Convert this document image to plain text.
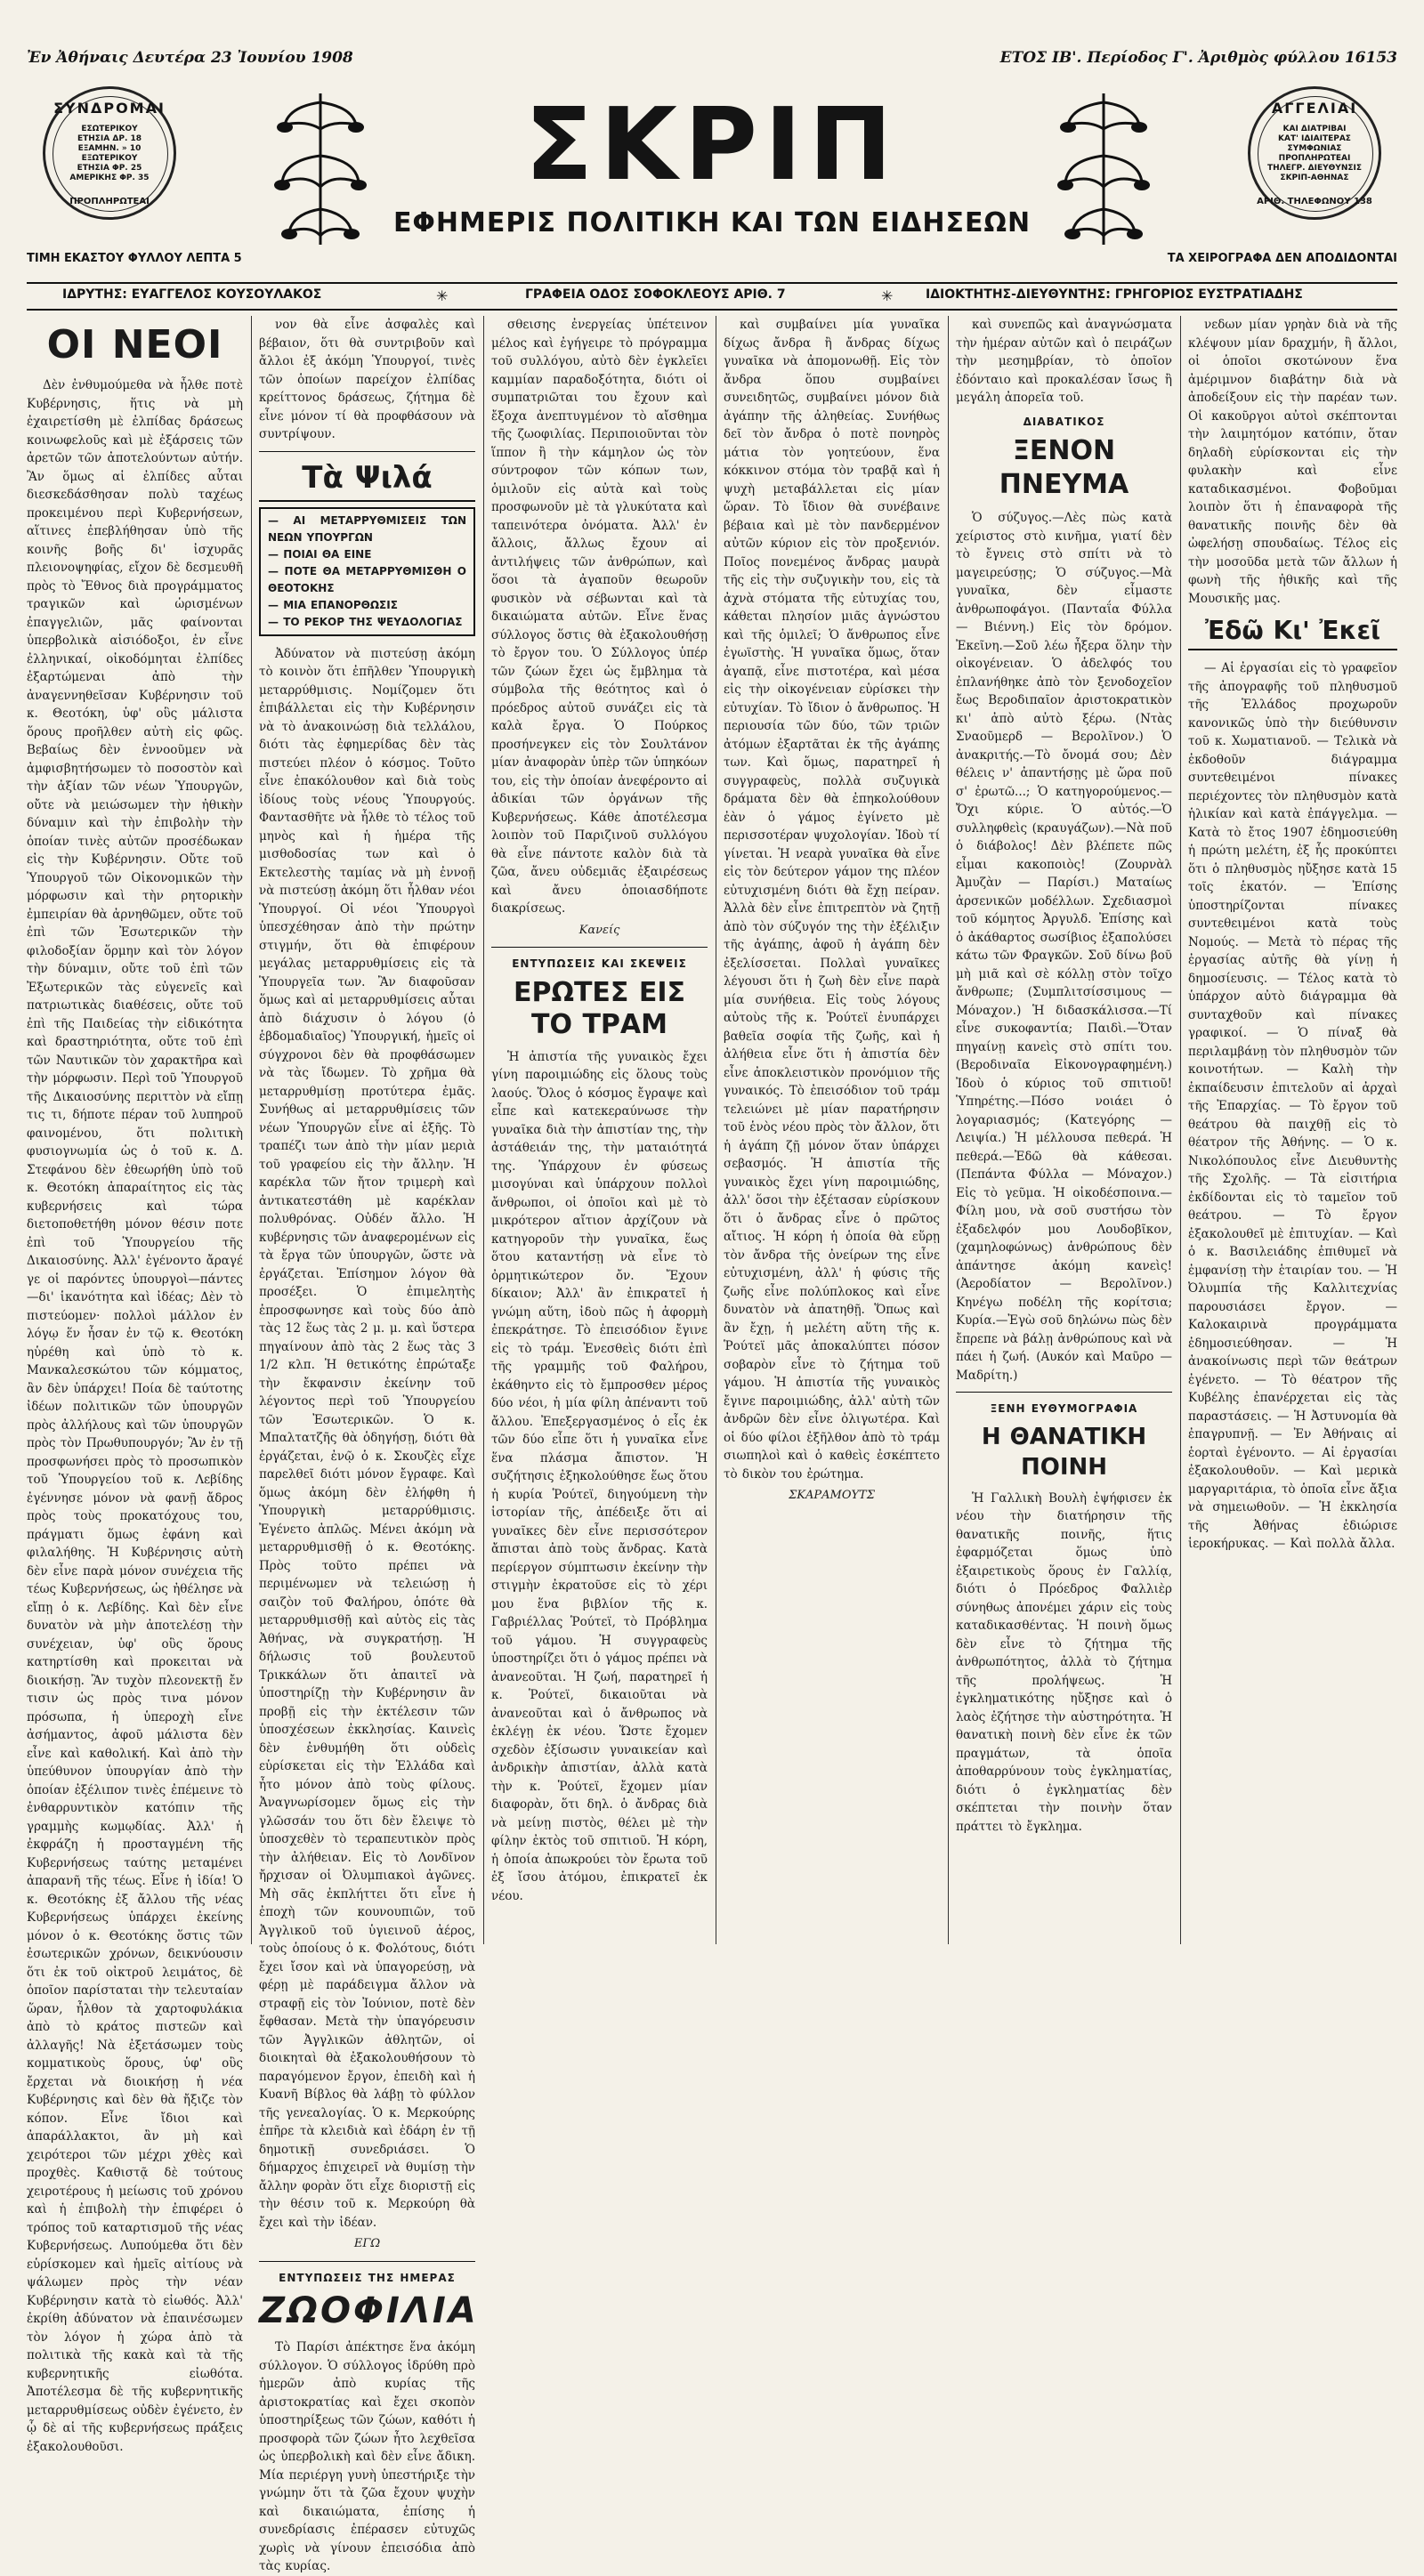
Ἐν Ἀθήναις Δευτέρα 23 Ἰουνίου 1908	ΕΤΟΣ ΙΒ'. Περίοδος Γ'. Ἀριθμὸς φύλλου 16153
ΣΥΝΔΡΟΜΑΙ
ΕΣΩΤΕΡΙΚΟΥ
ΕΤΗΣΙΑ ΔΡ. 18
ΕΞΑΜΗΝ. » 10
ΕΞΩΤΕΡΙΚΟΥ
ΕΤΗΣΙΑ ΦΡ. 25
ΑΜΕΡΙΚΗΣ ΦΡ. 35
ΠΡΟΠΛΗΡΩΤΕΑΙ	ΣΚΡΙΠ	ΑΓΓΕΛΙΑΙ
ΚΑΙ ΔΙΑΤΡΙΒΑΙ
ΚΑΤ' ΙΔΙΑΙΤΕΡΑΣ
ΣΥΜΦΩΝΙΑΣ
ΠΡΟΠΛΗΡΩΤΕΑΙ
ΤΗΛΕΓΡ. ΔΙΕΥΘΥΝΣΙΣ
ΣΚΡΙΠ-ΑΘΗΝΑΣ
ΑΡΙΘ. ΤΗΛΕΦΩΝΟΥ 138
ΕΦΗΜΕΡΙΣ ΠΟΛΙΤΙΚΗ ΚΑΙ ΤΩΝ ΕΙΔΗΣΕΩΝ
ΤΙΜΗ ΕΚΑΣΤΟΥ ΦΥΛΛΟΥ ΛΕΠΤΑ 5	ΤΑ ΧΕΙΡΟΓΡΑΦΑ ΔΕΝ ΑΠΟΔΙΔΟΝΤΑΙ
ΙΔΡΥΤΗΣ: ΕΥΑΓΓΕΛΟΣ ΚΟΥΣΟΥΛΑΚΟΣ	✳	ΓΡΑΦΕΙΑ ΟΔΟΣ ΣΟΦΟΚΛΕΟΥΣ ΑΡΙΘ. 7	✳	ΙΔΙΟΚΤΗΤΗΣ-ΔΙΕΥΘΥΝΤΗΣ: ΓΡΗΓΟΡΙΟΣ ΕΥΣΤΡΑΤΙΑΔΗΣ
ΟΙ ΝΕΟΙ

Δὲν ἐνθυμούμεθα νὰ ἦλθε ποτὲ Κυβέρνησις, ἥτις νὰ μὴ ἐχαιρετίσθη μὲ ἐλπίδας δράσεως κοινωφελοῦς καὶ μὲ ἐξάρσεις τῶν ἀρετῶν τῶν ἀποτελούντων αὐτήν. Ἂν ὅμως αἱ ἐλπίδες αὗται διεσκεδάσθησαν πολὺ ταχέως προκειμένου περὶ Κυβερνήσεων, αἵτινες ἐπεβλήθησαν ὑπὸ τῆς κοινῆς βοῆς δι' ἰσχυρᾶς πλειονοψηφίας, εἴχον δὲ δεσμευθῆ πρὸς τὸ Ἔθνος διὰ προγράμματος τραγικῶν καὶ ὡρισμένων ἐπαγγελιῶν, μᾶς φαίνονται ὑπερβολικὰ αἰσιόδοξοι, ἐν εἶνε ἐλληνικαί, οἰκοδόμηται ἐλπίδες ἐξαρτώμεναι ἀπὸ τὴν ἀναγεννηθεῖσαν Κυβέρνησιν τοῦ κ. Θεοτόκη, ὑφ' οὓς μάλιστα ὅρους προῆλθεν αὐτὴ εἰς φῶς. Βεβαίως δὲν ἐννοοῦμεν νὰ ἀμφισβητήσωμεν τὸ ποσοστὸν καὶ τὴν ἀξίαν τῶν νέων Ὑπουργῶν, οὔτε νὰ μειώσωμεν τὴν ἠθικὴν δύναμιν καὶ τὴν ἐπιβολὴν τὴν ὁποίαν τινὲς αὐτῶν προσέδωκαν εἰς τὴν Κυβέρνησιν. Οὔτε τοῦ Ὑπουργοῦ τῶν Οἰκονομικῶν τὴν μόρφωσιν καὶ τὴν ρητορικὴν ἐμπειρίαν θὰ ἀρνηθῶμεν, οὔτε τοῦ ἐπὶ τῶν Ἐσωτερικῶν τὴν φιλοδοξίαν ὅρμην καὶ τὸν λόγον τὴν δύναμιν, οὔτε τοῦ ἐπὶ τῶν Ἐξωτερικῶν τὰς εὐγενεῖς καὶ πατριωτικὰς διαθέσεις, οὔτε τοῦ ἐπὶ τῆς Παιδείας τὴν εἰδικότητα καὶ δραστηριότητα, οὔτε τοῦ ἐπὶ τῶν Ναυτικῶν τὸν χαρακτῆρα καὶ τὴν μόρφωσιν. Περὶ τοῦ Ὑπουργοῦ τῆς Δικαιοσύνης περιττὸν νὰ εἴπῃ τις τι, δήποτε πέραν τοῦ λυπηροῦ φαινομένου, ὅτι πολιτικὴ φυσιογνωμία ὡς ὁ τοῦ κ. Δ. Στεφάνου δὲν ἐθεωρήθη ὑπὸ τοῦ κ. Θεοτόκη ἀπαραίτητος εἰς τὰς κυβερνήσεις καὶ τώρα διετοποθετήθη μόνον θέσιν ποτε ἐπὶ τοῦ Ὑπουργείου τῆς Δικαιοσύνης. Ἀλλ' ἐγένοντο ἄραγέ γε οἱ παρόντες ὑπουργοὶ—πάντες—δι' ἱκανότητα καὶ ἰδέας; Δὲν τὸ πιστεύομεν· πολλοὶ μάλλον ἐν λόγῳ ἕν ἦσαν ἐν τῷ κ. Θεοτόκη ηὑρέθη καὶ ὑπὸ τὸ κ. Μανκαλεσκώτου τῶν κόμματος, ἂν δὲν ὑπάρχει! Ποία δὲ ταύτοτης ἰδέων πολιτικῶν τῶν ὑπουργῶν πρὸς ἀλλήλους καὶ τῶν ὑπουργῶν πρὸς τὸν Πρωθυπουργόν; Ἂν ἐν τῇ προσφωνήσει πρὸς τὸ προσωπικὸν τοῦ Ὑπουργείου τοῦ κ. Λεβίδης ἐγέννησε μόνον νὰ φανῇ ἄδρος πρὸς τοὺς προκατόχους του, πράγματι ὅμως ἐφάνη καὶ φιλαλήθης. Ἡ Κυβέρνησις αὐτὴ δὲν εἶνε παρὰ μόνον συνέχεια τῆς τέως Κυβερνήσεως, ὡς ἠθέλησε νὰ εἴπῃ ὁ κ. Λεβίδης. Καὶ δὲν εἶνε δυνατὸν νὰ μὴν ἀποτελέσῃ τὴν συνέχειαν, ὑφ' οὓς ὅρους κατηρτίσθη καὶ προκειται νὰ διοικήσῃ. Ἂν τυχὸν πλεονεκτῇ ἔν τισιν ὡς πρὸς τινα μόνον πρόσωπα, ἡ ὑπεροχὴ εἶνε ἀσήμαντος, ἀφοῦ μάλιστα δὲν εἶνε καὶ καθολική. Καὶ ἀπὸ τὴν ὑπεύθυνον ὑπουργίαν ἀπὸ τὴν ὁποίαν ἐξέλιπον τινὲς ἐπέμεινε τὸ ἐνθαρρυντικὸν κατόπιν τῆς γραμμὴς κωμῳδίας. Ἀλλ' ἡ ἐκφράζη ἡ προσταγμένη τῆς Κυβερνήσεως ταύτης μεταμένει ἀπαρανῆ τῆς τέως. Εἶνε ἡ ἰδία! Ὁ κ. Θεοτόκης ἐξ ἄλλου τῆς νέας Κυβερνήσεως ὑπάρχει ἐκείνης μόνον ὁ κ. Θεοτόκης ὅστις τῶν ἐσωτερικῶν χρόνων, δεικνύουσιν ὅτι ἐκ τοῦ οἰκτροῦ λειμάτος, δὲ ὁποῖον παρίσταται τὴν τελευταίαν ὥραν, ἦλθον τὰ χαρτοφυλάκια ἀπὸ τὸ κράτος πιστεῶν καὶ ἀλλαγῆς! Νὰ ἐξετάσωμεν τοὺς κομματικοὺς ὅρους, ὑφ' οὓς ἔρχεται νὰ διοικήσῃ ἡ νέα Κυβέρνησις καὶ δὲν θὰ ἤξιζε τὸν κόπον. Εἶνε ἴδιοι καὶ ἀπαράλλακτοι, ἂν μὴ καὶ χειρότεροι τῶν μέχρι χθὲς καὶ προχθὲς. Καθιστᾷ δὲ τούτους χειροτέρους ἡ μείωσις τοῦ χρόνου καὶ ἡ ἐπιβολὴ τὴν ἐπιφέρει ὁ τρόπος τοῦ καταρτισμοῦ τῆς νέας Κυβερνήσεως. Λυπούμεθα ὅτι δὲν εὑρίσκομεν καὶ ἡμεῖς αἰτίους νὰ ψάλωμεν πρὸς τὴν νέαν Κυβέρνησιν κατὰ τὸ εἰωθός. Ἀλλ' ἐκρίθη ἀδύνατον νὰ ἐπαινέσωμεν τὸν λόγον ἡ χώρα ἀπὸ τὰ πολιτικὰ τῆς κακὰ καὶ τὰ τῆς κυβερνητικῆς εἰωθότα. Ἀποτέλεσμα δὲ τῆς κυβερνητικῆς μεταρρυθμίσεως οὐδὲν ἐγένετο, ἐν ᾧ δὲ αἱ τῆς κυβερνήσεως πράξεις ἐξακολουθοῦσι.

νον θὰ εἶνε ἀσφαλὲς καὶ βέβαιον, ὅτι θὰ συντριβοῦν καὶ ἄλλοι ἐξ ἀκόμη Ὑπουργοί, τινὲς τῶν ὁποίων παρείχον ἐλπίδας κρείττονος δράσεως, ζήτημα δὲ εἶνε μόνον τί θὰ προφθάσουν νὰ συντρίψουν.

Τὰ Ψιλά
— ΑΙ ΜΕΤΑΡΡΥΘΜΙΣΕΙΣ ΤΩΝ ΝΕΩΝ ΥΠΟΥΡΓΩΝ
— ΠΟΙΑΙ ΘΑ ΕΙΝΕ
— ΠΟΤΕ ΘΑ ΜΕΤΑΡΡΥΘΜΙΣΘΗ Ο ΘΕΟΤΟΚΗΣ
— ΜΙΑ ΕΠΑΝΟΡΘΩΣΙΣ
— ΤΟ ΡΕΚΟΡ ΤΗΣ ΨΕΥΔΟΛΟΓΙΑΣ

Ἀδύνατον νὰ πιστεύσῃ ἀκόμη τὸ κοινὸν ὅτι ἐπῆλθεν Ὑπουργικὴ μεταρρύθμισις. Νομίζομεν ὅτι ἐπιβάλλεται εἰς τὴν Κυβέρνησιν νὰ τὸ ἀνακοινώσῃ διὰ τελλάλου, διότι τὰς ἐφημερίδας δὲν τὰς πιστεύει πλέον ὁ κόσμος. Τοῦτο εἶνε ἐπακόλουθον καὶ διὰ τοὺς ἰδίους τοὺς νέους Ὑπουργούς. Φαντασθῆτε νὰ ἦλθε τὸ τέλος τοῦ μηνὸς καὶ ἡ ἡμέρα τῆς μισθοδοσίας των καὶ ὁ Εκτελεστὴς ταμίας νὰ μὴ ἐννοῇ νὰ πιστεύσῃ ἀκόμη ὅτι ἦλθαν νέοι Ὑπουργοί. Οἱ νέοι Ὑπουργοὶ ὑπεσχέθησαν ἀπὸ τὴν πρώτην στιγμήν, ὅτι θὰ ἐπιφέρουν μεγάλας μεταρρυθμίσεις εἰς τὰ Ὑπουργεῖα των. Ἂν διαφοῦσαν ὅμως καὶ αἱ μεταρρυθμίσεις αὗται ἀπὸ διάχυσιν ὀ λόγου (ὁ ἑβδομαδιαῖος) Ὑπουργική, ἡμεῖς οἱ σύγχρονοι δὲν θὰ προφθάσωμεν νὰ τὰς ἴδωμεν. Τὸ χρῆμα θὰ μεταρρυθμίσῃ προτύτερα ἐμᾶς. Συνήθως αἱ μεταρρυθμίσεις τῶν νέων Ὑπουργῶν εἶνε αἱ ἑξῆς. Τὸ τραπέζι των ἀπὸ τὴν μίαν μεριὰ τοῦ γραφείου εἰς τὴν ἄλλην. Ἡ καρέκλα τῶν ἤτον τριμερὴ καὶ ἀντικατεστάθη μὲ καρέκλαν πολυθρόνας. Οὐδέν ἄλλο. Ἡ κυβέρνησις τῶν ἀναφερομένων εἰς τὰ ἔργα τῶν ὑπουργῶν, ὥστε νὰ ἐργάζεται. Ἐπίσημον λόγον θὰ προσέξει. Ὁ ἐπιμελητὴς ἐπροσφωνησε καὶ τοὺς δύο ἀπὸ τὰς 12 ἕως τὰς 2 μ. μ. καὶ ὕστερα πηγαίνουν ἀπὸ τὰς 2 ἕως τὰς 3 1/2 κλπ. Ἡ θετικότης ἐπρώταξε τὴν ἔκφανσιν ἐκείνην τοῦ λέγοντος περὶ τοῦ Ὑπουργείου τῶν Ἐσωτερικῶν. Ὁ κ. Μπαλτατζῆς θὰ ὁδηγήσῃ, διότι θὰ ἐργάζεται, ἐνῷ ὁ κ. Σκουζὲς εἶχε παρελθεῖ διότι μόνον ἔγραφε. Καὶ ὅμως ἀκόμη δὲν ἐλήφθη ἡ Ὑπουργικὴ μεταρρύθμισις. Ἐγένετο ἀπλῶς. Μένει ἀκόμη νὰ μεταρρυθμισθῇ ὁ κ. Θεοτόκης. Πρὸς τοῦτο πρέπει νὰ περιμένωμεν νὰ τελειώσῃ ἡ σαιζὸν τοῦ Φαλήρου, ὁπότε θὰ μεταρρυθμισθῇ καὶ αὐτὸς εἰς τὰς Ἀθήνας, νὰ συγκρατήσῃ. Ἡ δήλωσις τοῦ βουλευτοῦ Τρικκάλων ὅτι ἀπαιτεῖ νὰ ὑποστηρίζῃ τὴν Κυβέρνησιν ἂν προβῇ εἰς τὴν ἐκτέλεσιν τῶν ὑποσχέσεων ἐκκλησίας. Καινεὶς δὲν ἐνθυμήθη ὅτι οὐδεὶς εὑρίσκεται εἰς τὴν Ἑλλάδα καὶ ἦτο μόνον ἀπὸ τοὺς φίλους. Ἀναγνωρίσομεν ὅμως εἰς τὴν γλῶσσάν του ὅτι δὲν ἔλειψε τὸ ὑποσχεθὲν τὸ τεραπευτικὸν πρὸς τὴν ἀλήθειαν. Εἰς τὸ Λονδῖνον ἤρχισαν οἱ Ὀλυμπιακοὶ ἀγῶνες. Μὴ σᾶς ἐκπλήττει ὅτι εἶνε ἡ ἐποχὴ τῶν κουνουπιῶν, τοῦ Ἀγγλικοῦ τοῦ ὑγιεινοῦ ἀέρος, τοὺς ὁποίους ὁ κ. Φολότους, διότι ἔχει ἴσον καὶ νὰ ὑπαγορεύσῃ, νὰ φέρῃ μὲ παράδειγμα ἄλλον νὰ στραφῇ εἰς τὸν Ἰούνιον, ποτὲ δὲν ἔφθασαν. Μετὰ τὴν ὑπαγόρευσιν τῶν Ἀγγλικῶν ἀθλητῶν, οἱ διοικηταὶ θὰ ἐξακολουθήσουν τὸ παραγόμενον ἔργον, ἐπειδὴ καὶ ἡ Κυανῆ Βίβλος θὰ λάβῃ τὸ φύλλον τῆς γενεαλογίας. Ὁ κ. Μερκούρης ἐπῆρε τὰ κλειδιὰ καὶ ἐδάρη ἐν τῇ δημοτικῇ συνεδριάσει. Ὁ δήμαρχος ἐπιχειρεῖ νὰ θυμίσῃ τὴν ἄλλην φορὰν ὅτι εἶχε διοριστῇ εἰς τὴν θέσιν τοῦ κ. Μερκούρη θὰ ἔχει καὶ τὴν ἰδέαν.

ΕΓΩ
ΕΝΤΥΠΩΣΕΙΣ ΤΗΣ ΗΜΕΡΑΣ
ΖΩΟΦΙΛΙΑ

Τὸ Παρίσι ἀπέκτησε ἕνα ἀκόμη σύλλογον. Ὁ σύλλογος ἱδρύθη πρὸ ἡμερῶν ἀπὸ κυρίας τῆς ἀριστοκρατίας καὶ ἔχει σκοπὸν ὑποστηρίξεως τῶν ζώων, καθότι ἡ προσφορὰ τῶν ζώων ἦτο λεχθεῖσα ὡς ὑπερβολικὴ καὶ δὲν εἶνε ἄδικη. Μία περιέργη γυνὴ ὑπεστήριξε τὴν γνώμην ὅτι τὰ ζῶα ἔχουν ψυχὴν καὶ δικαιώματα, ἐπίσης ἡ συνεδρίασις ἐπέρασεν εὐτυχῶς χωρὶς νὰ γίνουν ἐπεισόδια ἀπὸ τὰς κυρίας.

σθεισης ἐνεργείας ὑπέτεινον μέλος καὶ ἐγήγειρε τὸ πρόγραμμα τοῦ συλλόγου, αὐτὸ δὲν ἐγκλεῖει καμμίαν παραδοξότητα, διότι οἱ συμπατριῶται του ἔχουν καὶ ἔξοχα ἀνεπτυγμένον τὸ αἴσθημα τῆς ζωοφιλίας. Περιποιοῦνται τὸν ἵππον ἢ τὴν κάμηλον ὡς τὸν σύντροφον τῶν κόπων των, ὁμιλοῦν εἰς αὐτὰ καὶ τοὺς προσφωνοῦν μὲ τὰ γλυκύτατα καὶ ταπεινότερα ὀνόματα. Ἀλλ' ἐν ἄλλοις, ἄλλως ἔχουν αἱ ἀντιλήψεις τῶν ἀνθρώπων, καὶ ὅσοι τὰ ἀγαποῦν θεωροῦν φυσικὸν νὰ σέβωνται καὶ τὰ δικαιώματα αὐτῶν. Εἶνε ἕνας σύλλογος ὅστις θὰ ἐξακολουθήσῃ τὸ ἔργον του. Ὁ Σύλλογος ὑπέρ τῶν ζώων ἔχει ὡς ἔμβλημα τὰ σύμβολα τῆς θεότητος καὶ ὁ πρόεδρος αὐτοῦ συνάζει εἰς τὰ καλὰ ἔργα. Ὁ Πούρκος προσήνεγκεν εἰς τὸν Σουλτάνον μίαν ἀναφορὰν ὑπὲρ τῶν ὑπηκόων του, εἰς τὴν ὁποίαν ἀνεφέροντο αἱ ἀδικίαι τῶν ὀργάνων τῆς Κυβερνήσεως. Κάθε ἀποτέλεσμα λοιπὸν τοῦ Παριζινοῦ συλλόγου θὰ εἶνε πάντοτε καλὸν διὰ τὰ ζῶα, ἄνευ οὐδεμιᾶς ἐξαιρέσεως καὶ ἄνευ ὁποιασδήποτε διακρίσεως.

Κανείς
ΕΝΤΥΠΩΣΕΙΣ ΚΑΙ ΣΚΕΨΕΙΣ
ΕΡΩΤΕΣ ΕΙΣ ΤΟ ΤΡΑΜ

Ἡ ἀπιστία τῆς γυναικὸς ἔχει γίνη παροιμιώδης εἰς ὅλους τοὺς λαούς. Ὅλος ὁ κόσμος ἔγραψε καὶ εἶπε καὶ κατεκεραύνωσε τὴν γυναῖκα διὰ τὴν ἀπιστίαν της, τὴν ἀστάθειάν της, τὴν ματαιότητά της. Ὑπάρχουν ἐν φύσεως μισογύναι καὶ ὑπάρχουν πολλοὶ ἄνθρωποι, οἱ ὁποῖοι καὶ μὲ τὸ μικρότερον αἴτιον ἀρχίζουν νὰ κατηγοροῦν τὴν γυναῖκα, ἕως ὅτου καταντήσῃ νὰ εἶνε τὸ ὀρμητικώτερον ὄν. Ἔχουν δίκαιον; Ἀλλ' ἂν ἐπικρατεῖ ἡ γνώμη αὕτη, ἰδοὺ πῶς ἡ ἀφορμὴ ἐπεκράτησε. Τὸ ἐπεισόδιον ἔγινε εἰς τὸ τράμ. Ἐνεσθεὶς διότι ἐπὶ τῆς γραμμῆς τοῦ Φαλήρου, ἐκάθηντο εἰς τὸ ἔμπροσθεν μέρος δύο νέοι, ἡ μία φίλη ἀπέναντι τοῦ ἄλλου. Ἐπεξεργασμένος ὁ εἷς ἐκ τῶν δύο εἶπε ὅτι ἡ γυναῖκα εἶνε ἕνα πλάσμα ἄπιστον. Ἡ συζήτησις ἐξηκολούθησε ἕως ὅτου ἡ κυρία Ῥούτεϊ, διηγούμενη τὴν ἱστορίαν τῆς, ἀπέδειξε ὅτι αἱ γυναῖκες δὲν εἶνε περισσότερον ἄπισται ἀπὸ τοὺς ἄνδρας. Κατὰ περίεργον σύμπτωσιν ἐκείνην τὴν στιγμὴν ἐκρατοῦσε εἰς τὸ χέρι μου ἕνα βιβλίον τῆς κ. Γαβριέλλας Ῥούτεϊ, τὸ Πρόβλημα τοῦ γάμου. Ἡ συγγραφεὺς ὑποστηρίζει ὅτι ὁ γάμος πρέπει νὰ ἀνανεοῦται. Ἡ ζωή, παρατηρεῖ ἡ κ. Ῥούτεϊ, δικαιοῦται νὰ ἀνανεοῦται καὶ ὁ ἄνθρωπος νὰ ἐκλέγῃ ἐκ νέου. Ὥστε ἔχομεν σχεδὸν ἐξίσωσιν γυναικείαν καὶ ἀνδρικὴν ἀπιστίαν, ἀλλὰ κατὰ τὴν κ. Ῥούτεϊ, ἔχομεν μίαν διαφορὰν, ὅτι δηλ. ὁ ἄνδρας διὰ νὰ μείνῃ πιστὸς, θέλει μὲ τὴν φίλην ἐκτὸς τοῦ σπιτιοῦ. Ἡ κόρη, ἡ ὁποία ἀπωκρούει τὸν ἔρωτα τοῦ ἐξ ἴσου ἀτόμου, ἐπικρατεῖ ἐκ νέου.

καὶ συμβαίνει μία γυναῖκα δίχως ἄνδρα ἢ ἄνδρας δίχως γυναῖκα νὰ ἀπομονωθῇ. Εἰς τὸν ἄνδρα ὅπου συμβαίνει συνειδητῶς, συμβαίνει μόνον διὰ ἀγάπην τῆς ἀληθείας. Συνήθως δεῖ τὸν ἄνδρα ὁ ποτὲ πονηρὸς μάτια τὸν γοητεύουν, ἕνα κόκκινον στόμα τὸν τραβᾷ καὶ ἡ ψυχὴ μεταβάλλεται εἰς μίαν ὥραν. Τὸ ἴδιον θὰ συνέβαινε βέβαια καὶ μὲ τὸν πανδερμένον αὐτῶν κύριον εἰς τὸν προξενιόν. Ποῖος πονεμένος ἄνδρας μαυρὰ τῆς εἰς τὴν συζυγικὴν του, εἰς τὰ ἀχνὰ στόματα τῆς εὐτυχίας του, κάθεται πλησίον μιᾶς ἀγνώστου καὶ τῆς ὁμιλεῖ; Ὁ ἄνθρωπος εἶνε ἐγωϊστὴς. Ἡ γυναῖκα ὅμως, ὅταν ἀγαπᾷ, εἶνε πιστοτέρα, καὶ μέσα εἰς τὴν οἰκογένειαν εὑρίσκει τὴν εὐτυχίαν. Τὸ ἴδιον ὁ ἄνθρωπος. Ἡ περιουσία τῶν δύο, τῶν τριῶν ἀτόμων ἐξαρτᾶται ἐκ τῆς ἀγάπης των. Καὶ ὅμως, παρατηρεῖ ἡ συγγραφεὺς, πολλὰ συζυγικὰ δράματα δὲν θὰ ἐπηκολούθουν ἐὰν ὁ γάμος ἐγίνετο μὲ περισσοτέραν ψυχολογίαν. Ἰδοὺ τί γίνεται. Ἡ νεαρὰ γυναῖκα θὰ εἶνε εἰς τὸν δεύτερον γάμον της πλέον εὐτυχισμένη διότι θὰ ἔχῃ πείραν. Ἀλλὰ δὲν εἶνε ἐπιτρεπτὸν νὰ ζητῇ ἀπὸ τὸν σύζυγόν της τὴν ἐξέλιξιν τῆς ἀγάπης, ἀφοῦ ἡ ἀγάπη δὲν ἐξελίσσεται. Πολλαὶ γυναῖκες λέγουσι ὅτι ἡ ζωὴ δὲν εἶνε παρὰ μία συνήθεια. Εἰς τοὺς λόγους αὐτοὺς τῆς κ. Ῥούτεϊ ἐνυπάρχει βαθεῖα σοφία τῆς ζωῆς, καὶ ἡ ἀλήθεια εἶνε ὅτι ἡ ἀπιστία δὲν εἶνε ἀποκλειστικὸν προνόμιον τῆς γυναικός. Τὸ ἐπεισόδιον τοῦ τράμ τελειώνει μὲ μίαν παρατήρησιν τοῦ ἑνὸς νέου πρὸς τὸν ἄλλον, ὅτι ἡ ἀγάπη ζῇ μόνον ὅταν ὑπάρχει σεβασμός. Ἡ ἀπιστία τῆς γυναικὸς ἔχει γίνη παροιμιώδης, ἀλλ' ὅσοι τὴν ἐξέτασαν εὑρίσκουν ὅτι ὁ ἄνδρας εἶνε ὁ πρῶτος αἴτιος. Ἡ κόρη ἡ ὁποία θὰ εὕρῃ τὸν ἄνδρα τῆς ὀνείρων της εἶνε εὐτυχισμένη, ἀλλ' ἡ φύσις τῆς ζωῆς εἶνε πολύπλοκος καὶ εἶνε δυνατὸν νὰ ἀπατηθῇ. Ὅπως καὶ ἂν ἔχῃ, ἡ μελέτη αὕτη τῆς κ. Ῥούτεϊ μᾶς ἀποκαλύπτει πόσον σοβαρὸν εἶνε τὸ ζήτημα τοῦ γάμου. Ἡ ἀπιστία τῆς γυναικὸς ἔγινε παροιμιώδης, ἀλλ' αὐτὴ τῶν ἀνδρῶν δὲν εἶνε ὀλιγωτέρα. Καὶ οἱ δύο φίλοι ἐξῆλθον ἀπὸ τὸ τράμ σιωπηλοὶ καὶ ὁ καθεὶς ἐσκέπτετο τὸ δικὸν του ἐρώτημα.

ΣΚΑΡΑΜΟΥΤΣ

καὶ συνεπῶς καὶ ἀναγνώσματα τὴν ἡμέραν αὐτῶν καὶ ὁ πειράζων τὴν μεσημβρίαν, τὸ ὁποῖον ἐδόνταιο καὶ προκαλέσαν ἴσως ἢ μεγάλη ἀπορεῖα τοῦ.

ΔΙΑΒΑΤΙΚΟΣ
ΞΕΝΟΝ ΠΝΕΥΜΑ

Ὁ σύζυγος.—Λὲς πὼς κατὰ χείριστος στὸ κινῆμα, γιατί δὲν τὸ ἔγνεις στὸ σπίτι νὰ τὸ μαγειρεύσῃς; Ὁ σύζυγος.—Μὰ γυναῖκα, δὲν εἶμαστε ἀνθρωποφάγοι. (Πανταΐα Φύλλα — Βιέννη.) Εἰς τὸν δρόμον. Ἐκεῖνη.—Σοῦ λέω ἦξερα ὅλην τὴν οἰκογένειαν. Ὁ ἀδελφός του ἐπλανήθηκε ἀπὸ τὸν ξενοδοχεῖον ἔως Βεροδιπαῖον ἀριστοκρατικὸν κι' ἀπὸ αὐτὸ ξέρω. (Ντὰς Σναοῦμερδ — Βερολῖνον.) Ὁ ἀνακριτής.—Τὸ ὄνομά σου; Δὲν θέλεις ν' ἀπαντήσῃς μὲ ὥρα ποῦ σ' ἐρωτῶ...; Ὁ κατηγορούμενος.—Ὄχι κύριε. Ὁ αὐτός.—Ὁ συλληφθεὶς (κραυγάζων).—Νὰ ποῦ ὁ διάβολος! Δὲν βλέπετε πῶς εἶμαι κακοποιὸς! (Ζουρνὰλ Ἀμυζὰν — Παρίσι.) Ματαίως ἀρσενικῶν μοδέλλων. Σχεδιασμοὶ τοῦ κόμητος Ἀργυλδ. Ἐπίσης καὶ ὁ ἀκάθαρτος σωσίβιος ἐξαπολύσει κάτω τῶν Φραγκῶν. Σοῦ δίνω βοῦ μὴ μιᾶ καὶ σὲ κόλλῃ στὸν τοῖχο ἄνθρωπε; (Συμπλιτσίσσιμους — Μόναχον.) Ἡ διδασκάλισσα.—Τί εἶνε συκοφαντία; Παιδὶ.—Ὅταν πηγαίνῃ κανεὶς στὸ σπίτι του. (Βεροδιναῖα Εἰκονογραφημένη.) Ἰδοὺ ὁ κύριος τοῦ σπιτιοῦ! Ὑπηρέτης.—Πόσο νοιάει ὁ λογαριασμός; (Κατεγόρης — Λειψία.) Ἡ μέλλουσα πεθερά. Ἡ πεθερά.—Ἐδῶ θὰ κάθεσαι. (Πεπάντα Φύλλα — Μόναχον.) Εἰς τὸ γεῦμα. Ἡ οἰκοδέσποινα.—Φίλη μου, νὰ σοῦ συστήσω τὸν ἐξαδελφόν μου Λουδοβῖκον, (χαμηλοφώνως) ἀνθρώπους δὲν ἀπάντησε ἀκόμη κανεὶς! (Ἀεροδίατον — Βερολῖνον.) Κηνέγω ποδέλη τῆς κορίτσια; Κυρία.—Ἐγὼ σοῦ δηλώνω πὼς δὲν ἔπρεπε νὰ βάλῃ ἀνθρώπους καὶ νὰ πάει ἡ ζωή. (Αυκόν καὶ Μαῦρο — Μαδρίτη.)

ΞΕΝΗ ΕΥΘΥΜΟΓΡΑΦΙΑ
Η ΘΑΝΑΤΙΚΗ ΠΟΙΝΗ

Ἡ Γαλλικὴ Βουλὴ ἐψήφισεν ἐκ νέου τὴν διατήρησιν τῆς θανατικῆς ποινῆς, ἥτις ἐφαρμόζεται ὅμως ὑπὸ ἐξαιρετικοὺς ὅρους ἐν Γαλλίᾳ, διότι ὁ Πρόεδρος Φαλλιὲρ σύνηθως ἀπονέμει χάριν εἰς τοὺς καταδικασθέντας. Ἡ ποινὴ ὅμως δὲν εἶνε τὸ ζήτημα τῆς ἀνθρωπότητος, ἀλλὰ τὸ ζήτημα τῆς προλήψεως. Ἡ ἐγκληματικότης ηὔξησε καὶ ὁ λαὸς ἐζήτησε τὴν αὐστηρότητα. Ἡ θανατικὴ ποινὴ δὲν εἶνε ἐκ τῶν πραγμάτων, τὰ ὁποῖα ἀποθαρρύνουν τοὺς ἐγκληματίας, διότι ὁ ἐγκληματίας δὲν σκέπτεται τὴν ποινὴν ὅταν πράττει τὸ ἔγκλημα.

νεδων μίαν γρηὰν διὰ νὰ τῆς κλέψουν μίαν δραχμήν, ἢ ἄλλοι, οἱ ὁποῖοι σκοτώνουν ἕνα ἀμέριμνον διαβάτην διὰ νὰ ἀποδείξουν εἰς τὴν παρέαν των. Οἱ κακοῦργοι αὐτοὶ σκέπτονται τὴν λαιμητόμον κατόπιν, ὅταν δηλαδὴ εὑρίσκονται εἰς τὴν φυλακὴν καὶ εἶνε καταδικασμένοι. Φοβοῦμαι λοιπὸν ὅτι ἡ ἐπαναφορὰ τῆς θανατικῆς ποινῆς δὲν θὰ ὠφελήσῃ σπουδαίως. Τέλος εἰς τὴν μοσοῦδα μετὰ τῶν ἄλλων ἡ φωνὴ τῆς ἠθικῆς καὶ τῆς Μουσικῆς μας.

Ἐδῶ Κι' Ἐκεῖ

— Αἱ ἐργασίαι εἰς τὸ γραφεῖον τῆς ἀπογραφῆς τοῦ πληθυσμοῦ τῆς Ἑλλάδος προχωροῦν κανονικῶς ὑπὸ τὴν διεύθυνσιν τοῦ κ. Χωματιανοῦ. — Τελικὰ νὰ ἐκδοθοῦν διάγραμμα συντεθειμένοι πίνακες περιέχοντες τὸν πληθυσμὸν κατὰ ἡλικίαν καὶ κατὰ ἐπάγγελμα. — Κατὰ τὸ ἔτος 1907 ἐδημοσιεύθη ἡ πρώτη μελέτη, ἐξ ἧς προκύπτει ὅτι ὁ πληθυσμὸς ηὔξησε κατὰ 15 τοῖς ἑκατόν. — Ἐπίσης ὑποστηρίζονται πίνακες συντεθειμένοι κατὰ τοὺς Νομούς. — Μετὰ τὸ πέρας τῆς ἐργασίας αὐτῆς θὰ γίνῃ ἡ δημοσίευσις. — Τέλος κατὰ τὸ ὑπάρχον αὐτὸ διάγραμμα θὰ συνταχθοῦν καὶ πίνακες γραφικοί. — Ὁ πίναξ θὰ περιλαμβάνῃ τὸν πληθυσμὸν τῶν κοινοτήτων. — Καλὴ τὴν ἐκπαίδευσιν ἐπιτελοῦν αἱ ἀρχαὶ τῆς Ἐπαρχίας. — Τὸ ἔργον τοῦ θεάτρου θὰ παιχθῇ εἰς τὸ θέατρον τῆς Ἀθήνης. — Ὁ κ. Νικολόπουλος εἶνε Διευθυντὴς τῆς Σχολῆς. — Τὰ εἰσιτήρια ἐκδίδονται εἰς τὸ ταμεῖον τοῦ θεάτρου. — Τὸ ἔργον ἐξακολουθεῖ μὲ ἐπιτυχίαν. — Καὶ ὁ κ. Βασιλειάδης ἐπιθυμεῖ νὰ ἐμφανίσῃ τὴν ἑταιρίαν του. — Ἡ Ὀλυμπία τῆς Καλλιτεχνίας παρουσιάσει ἔργον. — Καλοκαιρινὰ προγράμματα ἐδημοσιεύθησαν. — Ἡ ἀνακοίνωσις περὶ τῶν θεάτρων ἐγένετο. — Τὸ θέατρον τῆς Κυβέλης ἐπανέρχεται εἰς τὰς παραστάσεις. — Ἡ Ἀστυνομία θὰ ἐπαγρυπνῇ. — Ἐν Ἀθήναις αἱ ἑορταὶ ἐγένοντο. — Αἱ ἐργασίαι ἐξακολουθοῦν. — Καὶ μερικὰ μαργαριτάρια, τὸ ὁποῖα εἶνε ἄξια νὰ σημειωθοῦν. — Ἡ ἐκκλησία τῆς Ἀθήνας ἐδιώρισε ἱεροκήρυκας. — Καὶ πολλὰ ἄλλα.
